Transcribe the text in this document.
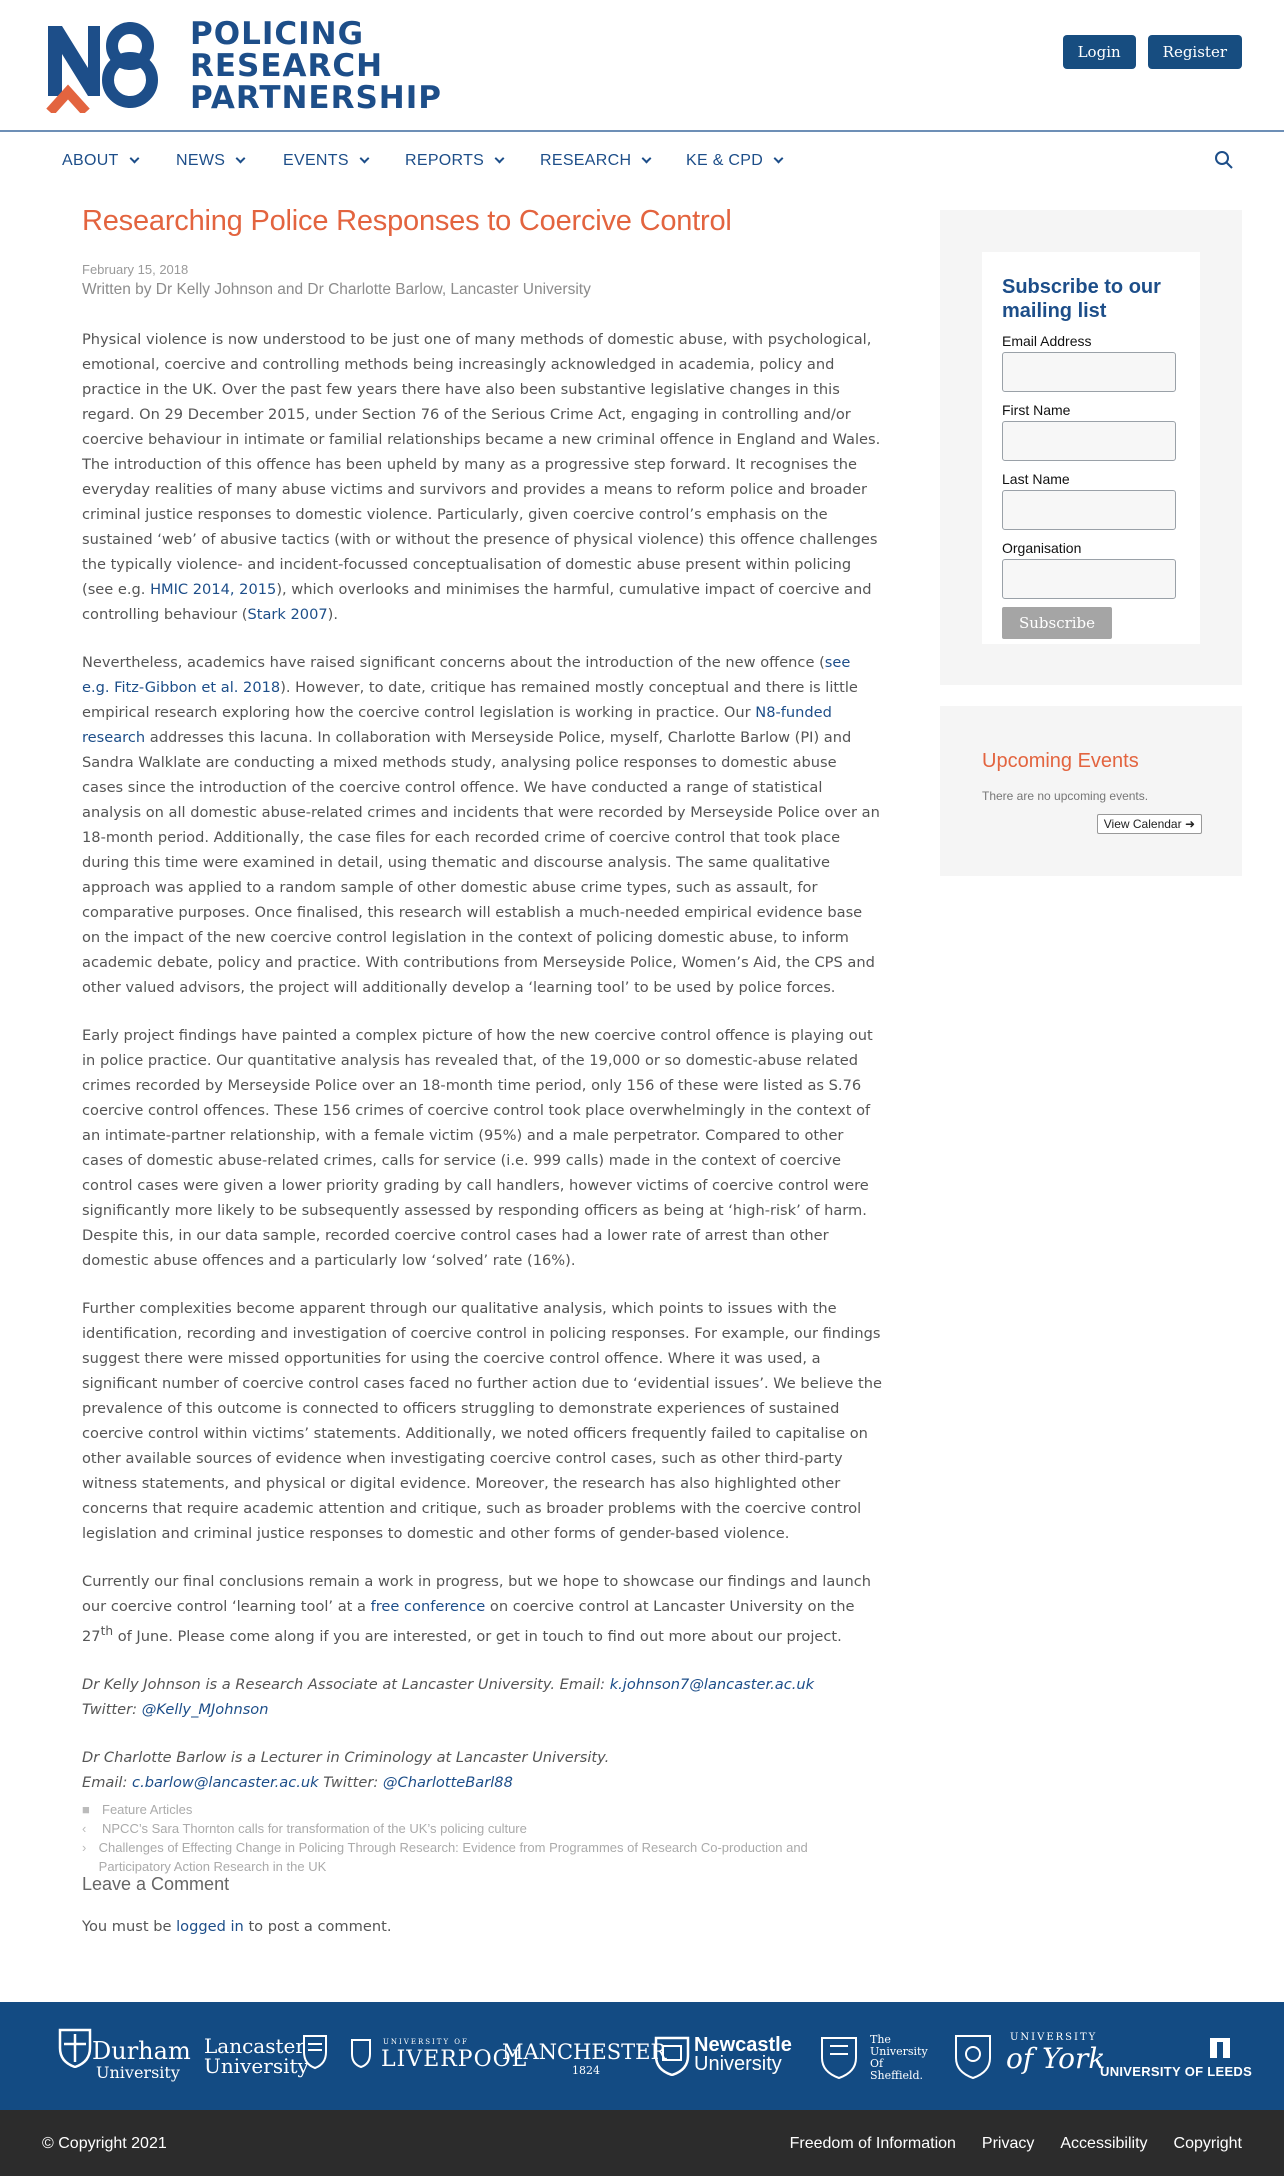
POLICING
RESEARCH
PARTNERSHIP
Login	Register
ABOUT	NEWS	EVENTS	REPORTS	RESEARCH	KE & CPD
Researching Police Responses to Coercive Control
February 15, 2018
Written by Dr Kelly Johnson and Dr Charlotte Barlow, Lancaster University

Physical violence is now understood to be just one of many methods of domestic abuse, with psychological, emotional, coercive and controlling methods being increasingly acknowledged in academia, policy and practice in the UK. Over the past few years there have also been substantive legislative changes in this regard. On 29 December 2015, under Section 76 of the Serious Crime Act, engaging in controlling and/or coercive behaviour in intimate or familial relationships became a new criminal offence in England and Wales. The introduction of this offence has been upheld by many as a progressive step forward. It recognises the everyday realities of many abuse victims and survivors and provides a means to reform police and broader criminal justice responses to domestic violence. Particularly, given coercive control’s emphasis on the sustained ‘web’ of abusive tactics (with or without the presence of physical violence) this offence challenges the typically violence- and incident-focussed conceptualisation of domestic abuse present within policing (see e.g. HMIC 2014, 2015), which overlooks and minimises the harmful, cumulative impact of coercive and controlling behaviour (Stark 2007).

Nevertheless, academics have raised significant concerns about the introduction of the new offence (see e.g. Fitz-Gibbon et al. 2018). However, to date, critique has remained mostly conceptual and there is little empirical research exploring how the coercive control legislation is working in practice. Our N8-funded research addresses this lacuna. In collaboration with Merseyside Police, myself, Charlotte Barlow (PI) and Sandra Walklate are conducting a mixed methods study, analysing police responses to domestic abuse cases since the introduction of the coercive control offence. We have conducted a range of statistical analysis on all domestic abuse-related crimes and incidents that were recorded by Merseyside Police over an 18-month period. Additionally, the case files for each recorded crime of coercive control that took place during this time were examined in detail, using thematic and discourse analysis. The same qualitative approach was applied to a random sample of other domestic abuse crime types, such as assault, for comparative purposes. Once finalised, this research will establish a much-needed empirical evidence base on the impact of the new coercive control legislation in the context of policing domestic abuse, to inform academic debate, policy and practice. With contributions from Merseyside Police, Women’s Aid, the CPS and other valued advisors, the project will additionally develop a ‘learning tool’ to be used by police forces.

Early project findings have painted a complex picture of how the new coercive control offence is playing out in police practice. Our quantitative analysis has revealed that, of the 19,000 or so domestic-abuse related crimes recorded by Merseyside Police over an 18-month time period, only 156 of these were listed as S.76 coercive control offences. These 156 crimes of coercive control took place overwhelmingly in the context of an intimate-partner relationship, with a female victim (95%) and a male perpetrator. Compared to other cases of domestic abuse-related crimes, calls for service (i.e. 999 calls) made in the context of coercive control cases were given a lower priority grading by call handlers, however victims of coercive control were significantly more likely to be subsequently assessed by responding officers as being at ‘high-risk’ of harm. Despite this, in our data sample, recorded coercive control cases had a lower rate of arrest than other domestic abuse offences and a particularly low ‘solved’ rate (16%).

Further complexities become apparent through our qualitative analysis, which points to issues with the identification, recording and investigation of coercive control in policing responses. For example, our findings suggest there were missed opportunities for using the coercive control offence. Where it was used, a significant number of coercive control cases faced no further action due to ‘evidential issues’. We believe the prevalence of this outcome is connected to officers struggling to demonstrate experiences of sustained coercive control within victims’ statements. Additionally, we noted officers frequently failed to capitalise on other available sources of evidence when investigating coercive control cases, such as other third-party witness statements, and physical or digital evidence. Moreover, the research has also highlighted other concerns that require academic attention and critique, such as broader problems with the coercive control legislation and criminal justice responses to domestic and other forms of gender-based violence.

Currently our final conclusions remain a work in progress, but we hope to showcase our findings and launch our coercive control ‘learning tool’ at a free conference on coercive control at Lancaster University on the 27th of June. Please come along if you are interested, or get in touch to find out more about our project.

Dr Kelly Johnson is a Research Associate at Lancaster University. Email: k.johnson7@lancaster.ac.uk
Twitter: @Kelly_MJohnson

Dr Charlotte Barlow is a Lecturer in Criminology at Lancaster University.
Email: c.barlow@lancaster.ac.uk Twitter: @CharlotteBarl88

■ Feature Articles
‹	NPCC’s Sara Thornton calls for transformation of the UK’s policing culture
› Challenges of Effecting Change in Policing Through Research: Evidence from Programmes of Research Co-production and Participatory Action Research in the UK
Leave a Comment
You must be logged in to post a comment.
Subscribe to our mailing list
Email Address
First Name
Last Name
Organisation
Subscribe
Upcoming Events
There are no upcoming events.
View Calendar ➜
Durham
University
Lancaster
University
UNIVERSITY OF
LIVERPOOL
MANCHESTER
1824
Newcastle
University
The
University
Of
Sheffield.
UNIVERSITY
of York
UNIVERSITY OF LEEDS
© Copyright 2021	Freedom of Information Privacy Accessibility Copyright
